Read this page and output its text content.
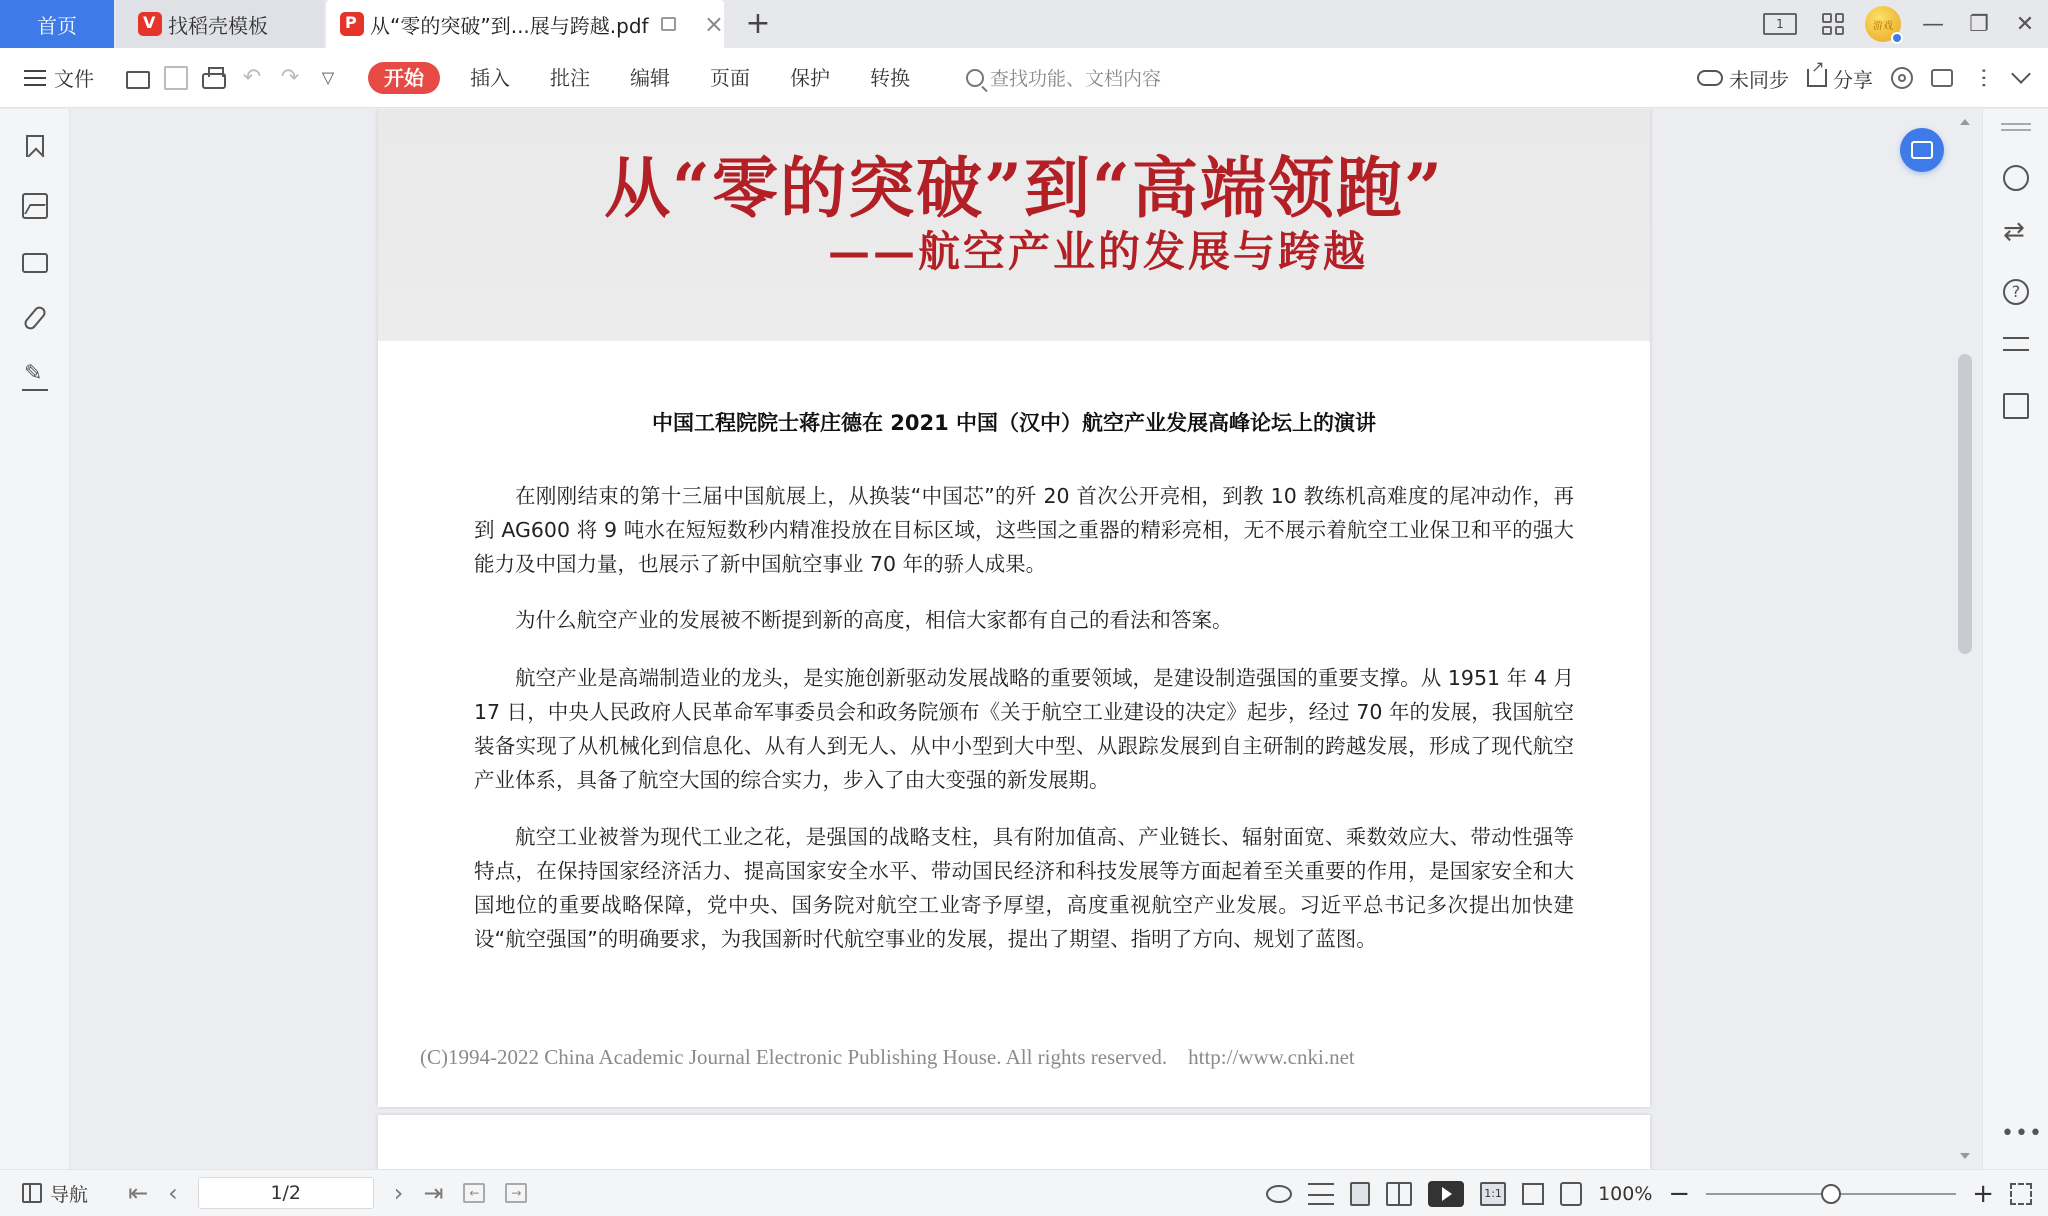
首页	V 找稻壳模板	P 从“零的突破”到...展与跨越.pdf × +	1	游戏 — ❐ ✕
文件	↶ ↷	▽	开始	插入	批注	编辑	页面	保护	转换	查找功能、文档内容	未同步
↗ 分享	⋯
✎
从“零的突破”到“高端领跑”
——航空产业的发展与跨越
中国工程院院士蒋庄德在 2021 中国（汉中）航空产业发展高峰论坛上的演讲

在刚刚结束的第十三届中国航展上，从换装“中国芯”的歼 20 首次公开亮相，到教 10 教练机高难度的尾冲动作，再到 AG600 将 9 吨水在短短数秒内精准投放在目标区域，这些国之重器的精彩亮相，无不展示着航空工业保卫和平的强大能力及中国力量，也展示了新中国航空事业 70 年的骄人成果。

为什么航空产业的发展被不断提到新的高度，相信大家都有自己的看法和答案。

航空产业是高端制造业的龙头，是实施创新驱动发展战略的重要领域，是建设制造强国的重要支撑。从 1951 年 4 月 17 日，中央人民政府人民革命军事委员会和政务院颁布《关于航空工业建设的决定》起步，经过 70 年的发展，我国航空装备实现了从机械化到信息化、从有人到无人、从中小型到大中型、从跟踪发展到自主研制的跨越发展，形成了现代航空产业体系，具备了航空大国的综合实力，步入了由大变强的新发展期。

航空工业被誉为现代工业之花，是强国的战略支柱，具有附加值高、产业链长、辐射面宽、乘数效应大、带动性强等特点，在保持国家经济活力、提高国家安全水平、带动国民经济和科技发展等方面起着至关重要的作用，是国家安全和大国地位的重要战略保障，党中央、国务院对航空工业寄予厚望，高度重视航空产业发展。习近平总书记多次提出加快建设“航空强国”的明确要求，为我国新时代航空事业的发展，提出了期望、指明了方向、规划了蓝图。

(C)1994-2022 China Academic Journal Electronic Publishing House. All rights reserved.    http://www.cnki.net
⇄
?
•••
导航 ⇤ ‹
1/2	› ⇥	←	→	1:1	100% −	+
